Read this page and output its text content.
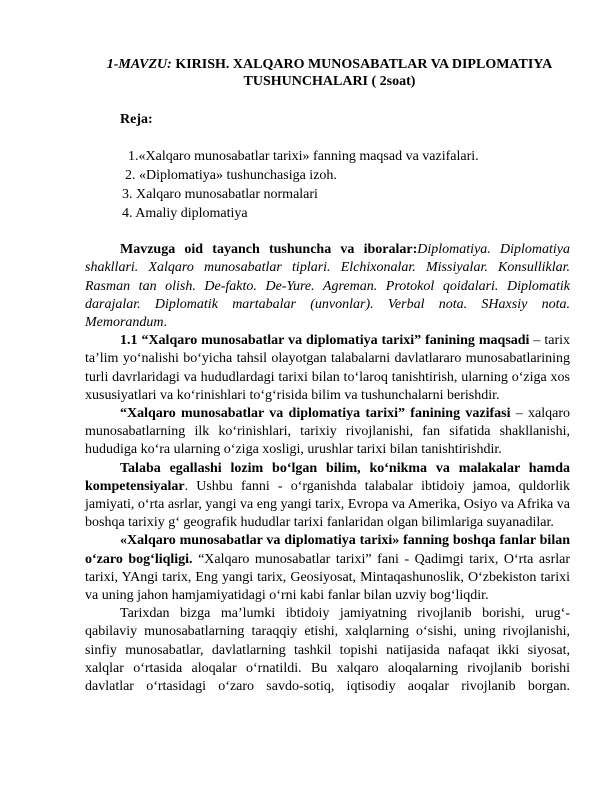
1-MAVZU: KIRISH. XALQARO MUNOSABATLAR VA DIPLOMATIYA TUSHUNCHALARI ( 2soat)
Reja:
1.«Xalqaro munosabatlar tarixi» fanning maqsad va vazifalari.
2. «Diplomatiya» tushunchasiga izoh.
3. Xalqaro munosabatlar normalari
4. Amaliy diplomatiya

Mavzuga oid tayanch tushuncha va iboralar:Diplomatiya. Diplomatiya shakllari. Xalqaro munosabatlar tiplari. Elchixonalar. Missiyalar. Konsulliklar. Rasman tan olish. De-fakto. De-Yure. Agreman. Protokol qoidalari. Diplomatik darajalar. Diplomatik martabalar (unvonlar). Verbal nota. SHaxsiy nota. Memorandum.

1.1 “Xalqaro munosabatlar va diplomatiya tarixi” fanining maqsadi – tarix ta’lim yo‘nalishi bo‘yicha tahsil olayotgan talabalarni davlatlararo munosabatlarining turli davrlaridagi va hududlardagi tarixi bilan to‘laroq tanishtirish, ularning o‘ziga xos xususiyatlari va ko‘rinishlari to‘g‘risida bilim va tushunchalarni berishdir.

“Xalqaro munosabatlar va diplomatiya tarixi” fanining vazifasi – xalqaro munosabatlarning ilk ko‘rinishlari, tarixiy rivojlanishi, fan sifatida shakllanishi, hududiga ko‘ra ularning o‘ziga xosligi, urushlar tarixi bilan tanishtirishdir.

Talaba egallashi lozim bo‘lgan bilim, ko‘nikma va malakalar hamda kompetensiyalar. Ushbu fanni - o‘rganishda talabalar ibtidoiy jamoa, quldorlik jamiyati, o‘rta asrlar, yangi va eng yangi tarix, Evropa va Amerika, Osiyo va Afrika va boshqa tarixiy g‘ geografik hududlar tarixi fanlaridan olgan bilimlariga suyanadilar.

«Xalqaro munosabatlar va diplomatiya tarixi» fanning boshqa fanlar bilan o‘zaro bog‘liqligi. “Xalqaro munosabatlar tarixi” fani - Qadimgi tarix, O‘rta asrlar tarixi, YAngi tarix, Eng yangi tarix, Geosiyosat, Mintaqashunoslik, O‘zbekiston tarixi va uning jahon hamjamiyatidagi o‘rni kabi fanlar bilan uzviy bog‘liqdir.

Tarixdan bizga ma’lumki ibtidoiy jamiyatning rivojlanib borishi, urug‘-qabilaviy munosabatlarning taraqqiy etishi, xalqlarning o‘sishi, uning rivojlanishi, sinfiy munosabatlar, davlatlarning tashkil topishi natijasida nafaqat ikki siyosat, xalqlar o‘rtasida aloqalar o‘rnatildi. Bu xalqaro aloqalarning rivojlanib borishi davlatlar o‘rtasidagi o‘zaro savdo-sotiq, iqtisodiy aoqalar rivojlanib borgan.
